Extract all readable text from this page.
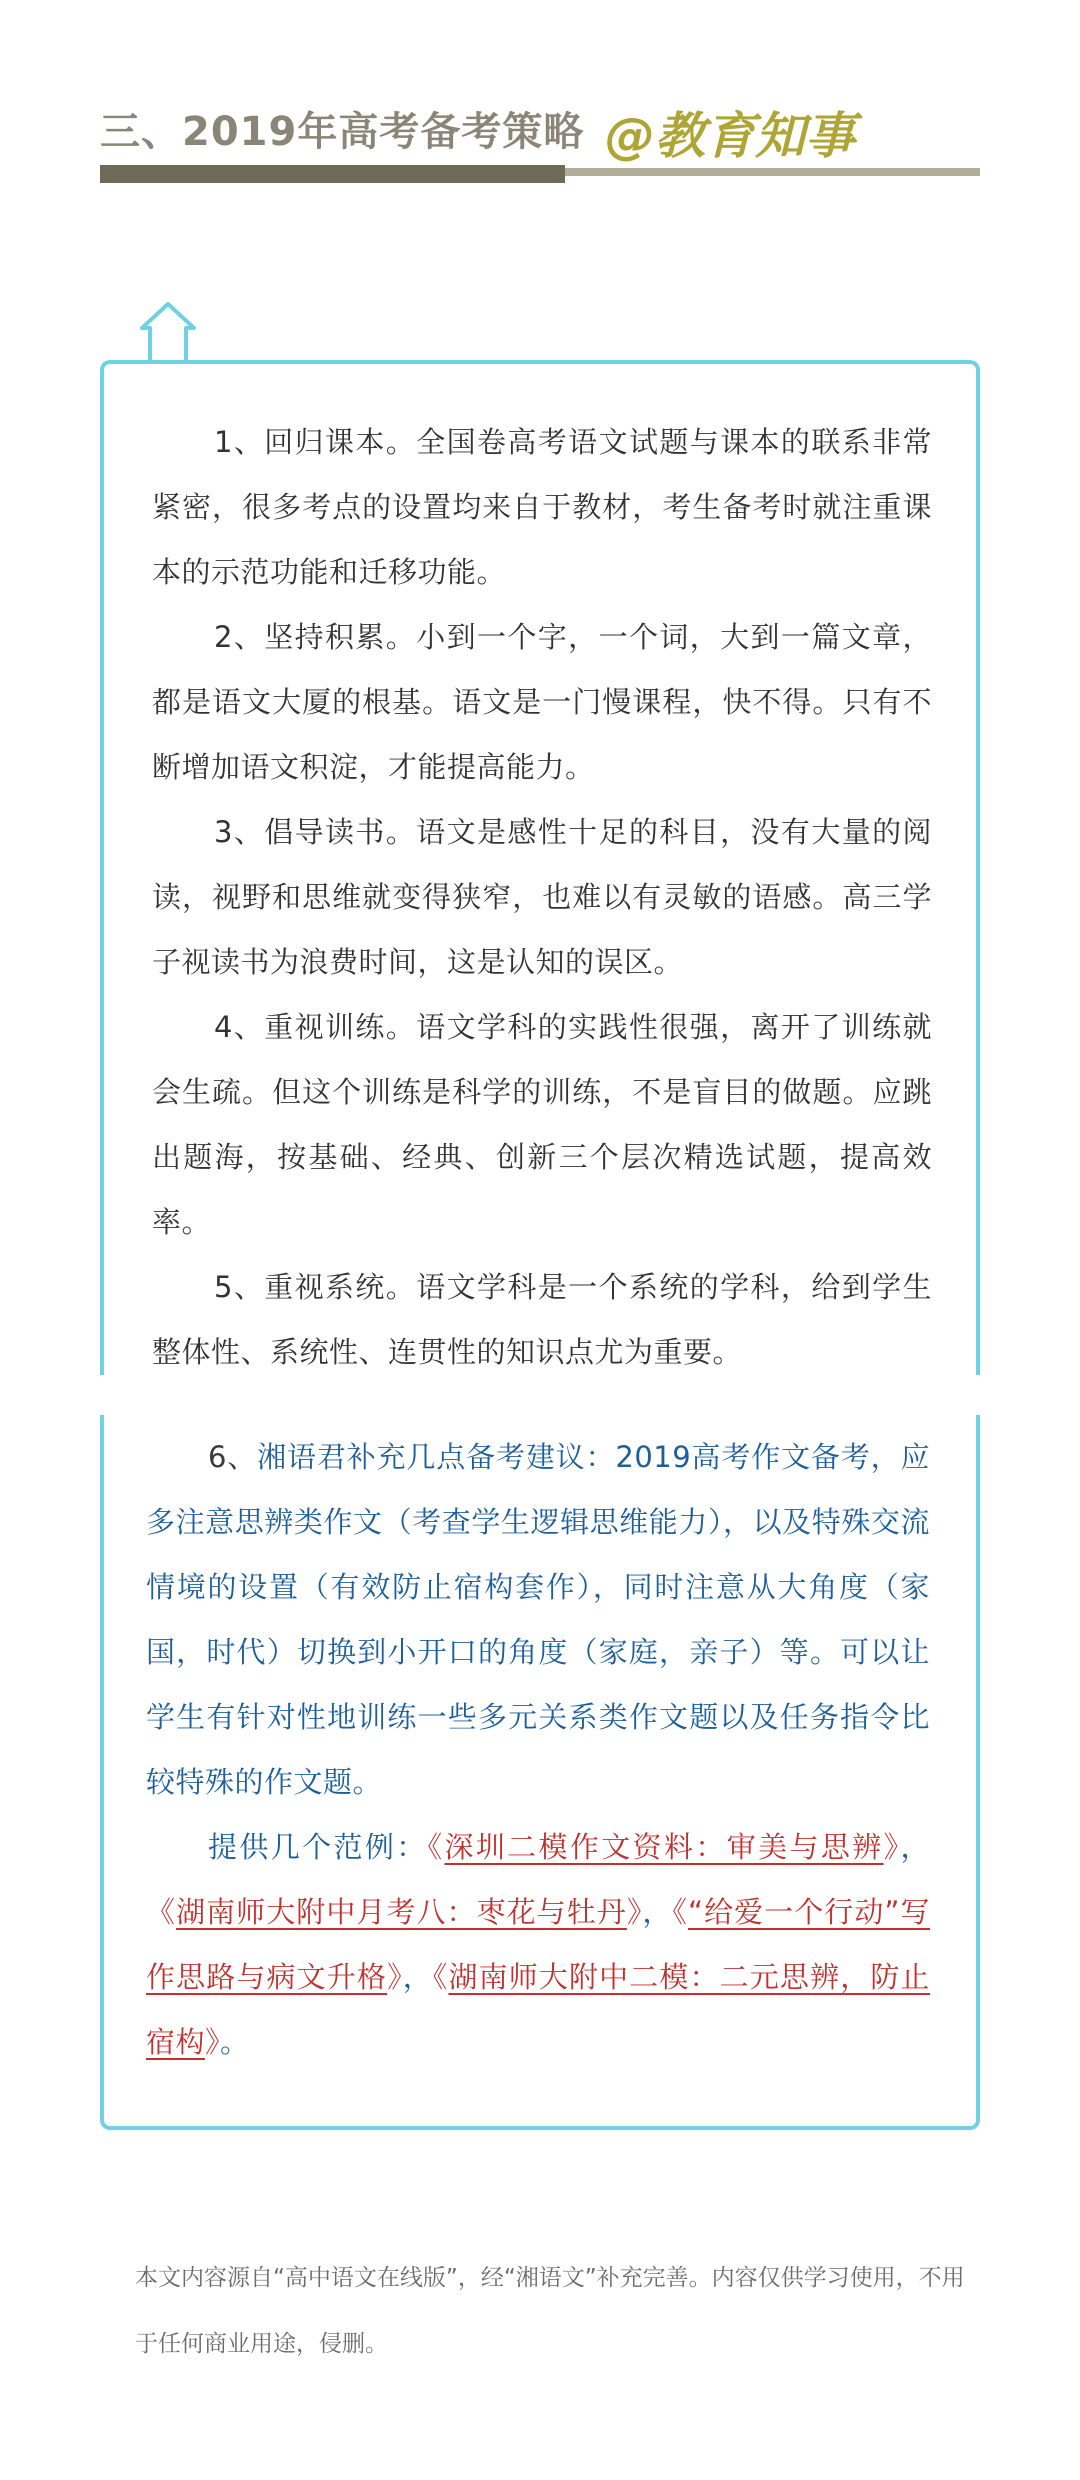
三、2019年高考备考策略 @教育知事

1、回归课本。全国卷高考语文试题与课本的联系非常紧密，很多考点的设置均来自于教材，考生备考时就注重课本的示范功能和迁移功能。

2、坚持积累。小到一个字，一个词，大到一篇文章，都是语文大厦的根基。语文是一门慢课程，快不得。只有不断增加语文积淀，才能提高能力。

3、倡导读书。语文是感性十足的科目，没有大量的阅读，视野和思维就变得狭窄，也难以有灵敏的语感。高三学子视读书为浪费时间，这是认知的误区。

4、重视训练。语文学科的实践性很强，离开了训练就会生疏。但这个训练是科学的训练，不是盲目的做题。应跳出题海，按基础、经典、创新三个层次精选试题，提高效率。

5、重视系统。语文学科是一个系统的学科，给到学生整体性、系统性、连贯性的知识点尤为重要。

6、湘语君补充几点备考建议：2019高考作文备考，应多注意思辨类作文（考查学生逻辑思维能力），以及特殊交流情境的设置（有效防止宿构套作），同时注意从大角度（家国，时代）切换到小开口的角度（家庭，亲子）等。可以让学生有针对性地训练一些多元关系类作文题以及任务指令比较特殊的作文题。

提供几个范例：《深圳二模作文资料：审美与思辨》，《湖南师大附中月考八：枣花与牡丹》，《“给爱一个行动”写作思路与病文升格》，《湖南师大附中二模：二元思辨，防止宿构》。

本文内容源自“高中语文在线版”，经“湘语文”补充完善。内容仅供学习使用，不用于任何商业用途，侵删。
